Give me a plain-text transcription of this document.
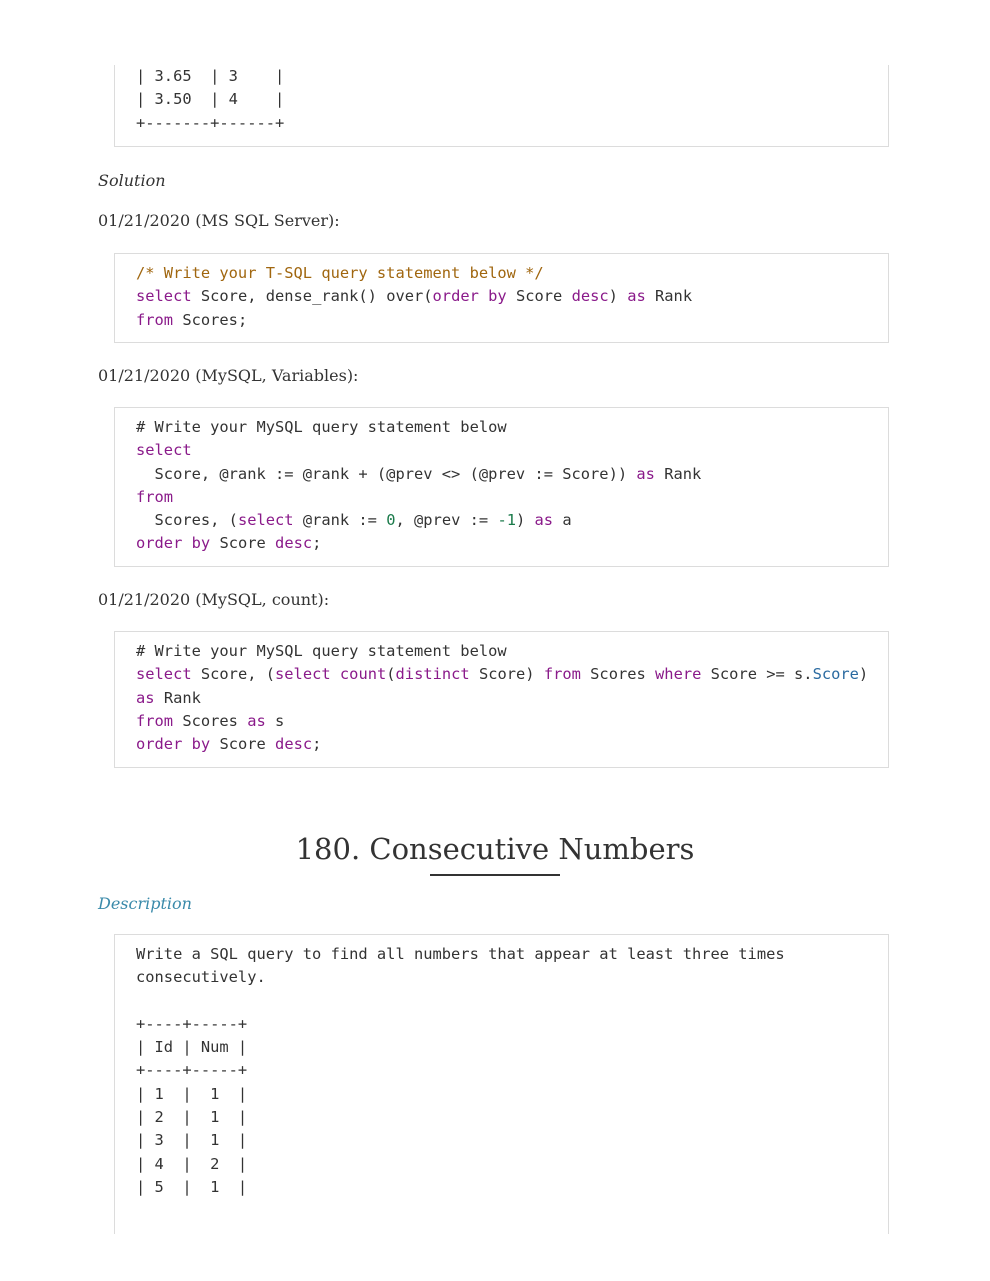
| 3.65  | 3    |
| 3.50  | 4    |
+-------+------+
Solution
01/21/2020 (MS SQL Server):
/* Write your T-SQL query statement below */
select Score, dense_rank() over(order by Score desc) as Rank
from Scores;
01/21/2020 (MySQL, Variables):
# Write your MySQL query statement below
select
Score, @rank := @rank + (@prev <> (@prev := Score)) as Rank
from
Scores, (select @rank := 0, @prev := -1) as a
order by Score desc;
01/21/2020 (MySQL, count):
# Write your MySQL query statement below
select Score, (select count(distinct Score) from Scores where Score >= s.Score)
as Rank
from Scores as s
order by Score desc;
180. Consecutive Numbers
Description
Write a SQL query to find all numbers that appear at least three times
consecutively.

+----+-----+
| Id | Num |
+----+-----+
| 1  |  1  |
| 2  |  1  |
| 3  |  1  |
| 4  |  2  |
| 5  |  1  |
